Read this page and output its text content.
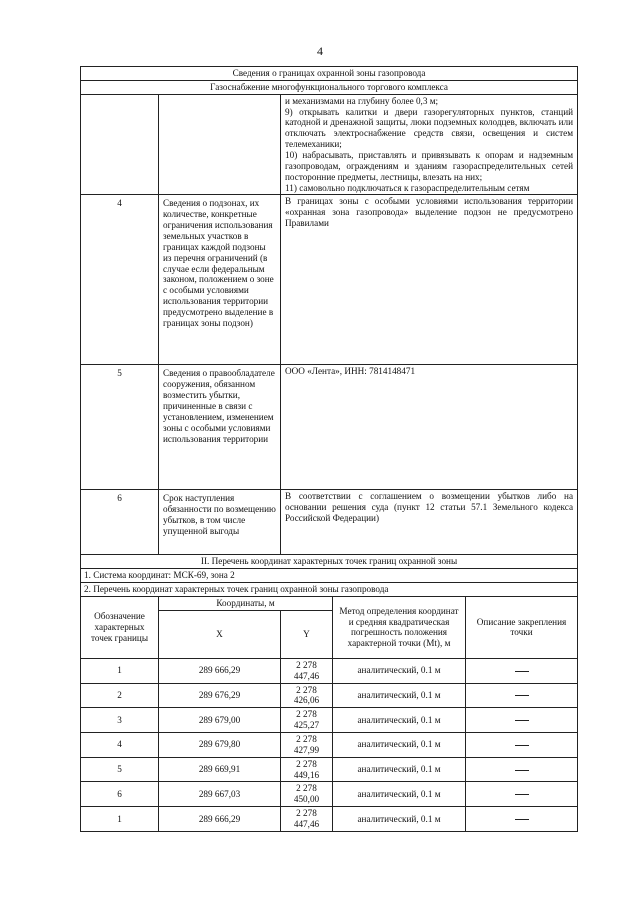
4
Сведения о границах охранной зоны газопровода				
Газоснабжение многофункционального торгового комплекса				

		и механизмами на глубину более 0,3 м;

9) открывать калитки и двери газорегуляторных пунктов, станций катодной и дренажной защиты, люки подземных колодцев, включать или отключать электроснабжение средств связи, освещения и систем телемеханики;

10) набрасывать, приставлять и привязывать к опорам и надземным газопроводам, ограждениям и зданиям газораспределительных сетей посторонние предметы, лестницы, влезать на них;

11) самовольно подключаться к газораспределительным сетям		

4	Сведения о подзонах, их количестве, конкретные ограничения использования земельных участков в границах каждой подзоны из перечня ограничений (в случае если федеральным законом, положением о зоне с особыми условиями использования территории предусмотрено выделение в границах зоны подзон)	В границах зоны с особыми условиями использования территории «охранная зона газопровода» выделение подзон не предусмотрено Правилами		
5	Сведения о правообладателе сооружения, обязанном возместить убытки, причиненные в связи с установлением, изменением зоны с особыми условиями использования территории	ООО «Лента», ИНН: 7814148471		
6	Срок наступления обязанности по возмещению убытков, в том числе упущенной выгоды	В соответствии с соглашением о возмещении убытков либо на основании решения суда (пункт 12 статьи 57.1 Земельного кодекса Российской Федерации)		
II. Перечень координат характерных точек границ охранной зоны				
1. Система координат: МСК-69, зона 2				
2. Перечень координат характерных точек границ охранной зоны газопровода				
Обозначение характерных точек границы	Координаты, м		Метод определения координат и средняя квадратическая погрешность положения характерной точки (Mt), м	Описание закрепления точки
	X	Y		
1	289 666,29	2 278 447,46	аналитический, 0.1 м	
2	289 676,29	2 278 426,06	аналитический, 0.1 м	
3	289 679,00	2 278 425,27	аналитический, 0.1 м	
4	289 679,80	2 278 427,99	аналитический, 0.1 м	
5	289 669,91	2 278 449,16	аналитический, 0.1 м	
6	289 667,03	2 278 450,00	аналитический, 0.1 м	
1	289 666,29	2 278 447,46	аналитический, 0.1 м	
